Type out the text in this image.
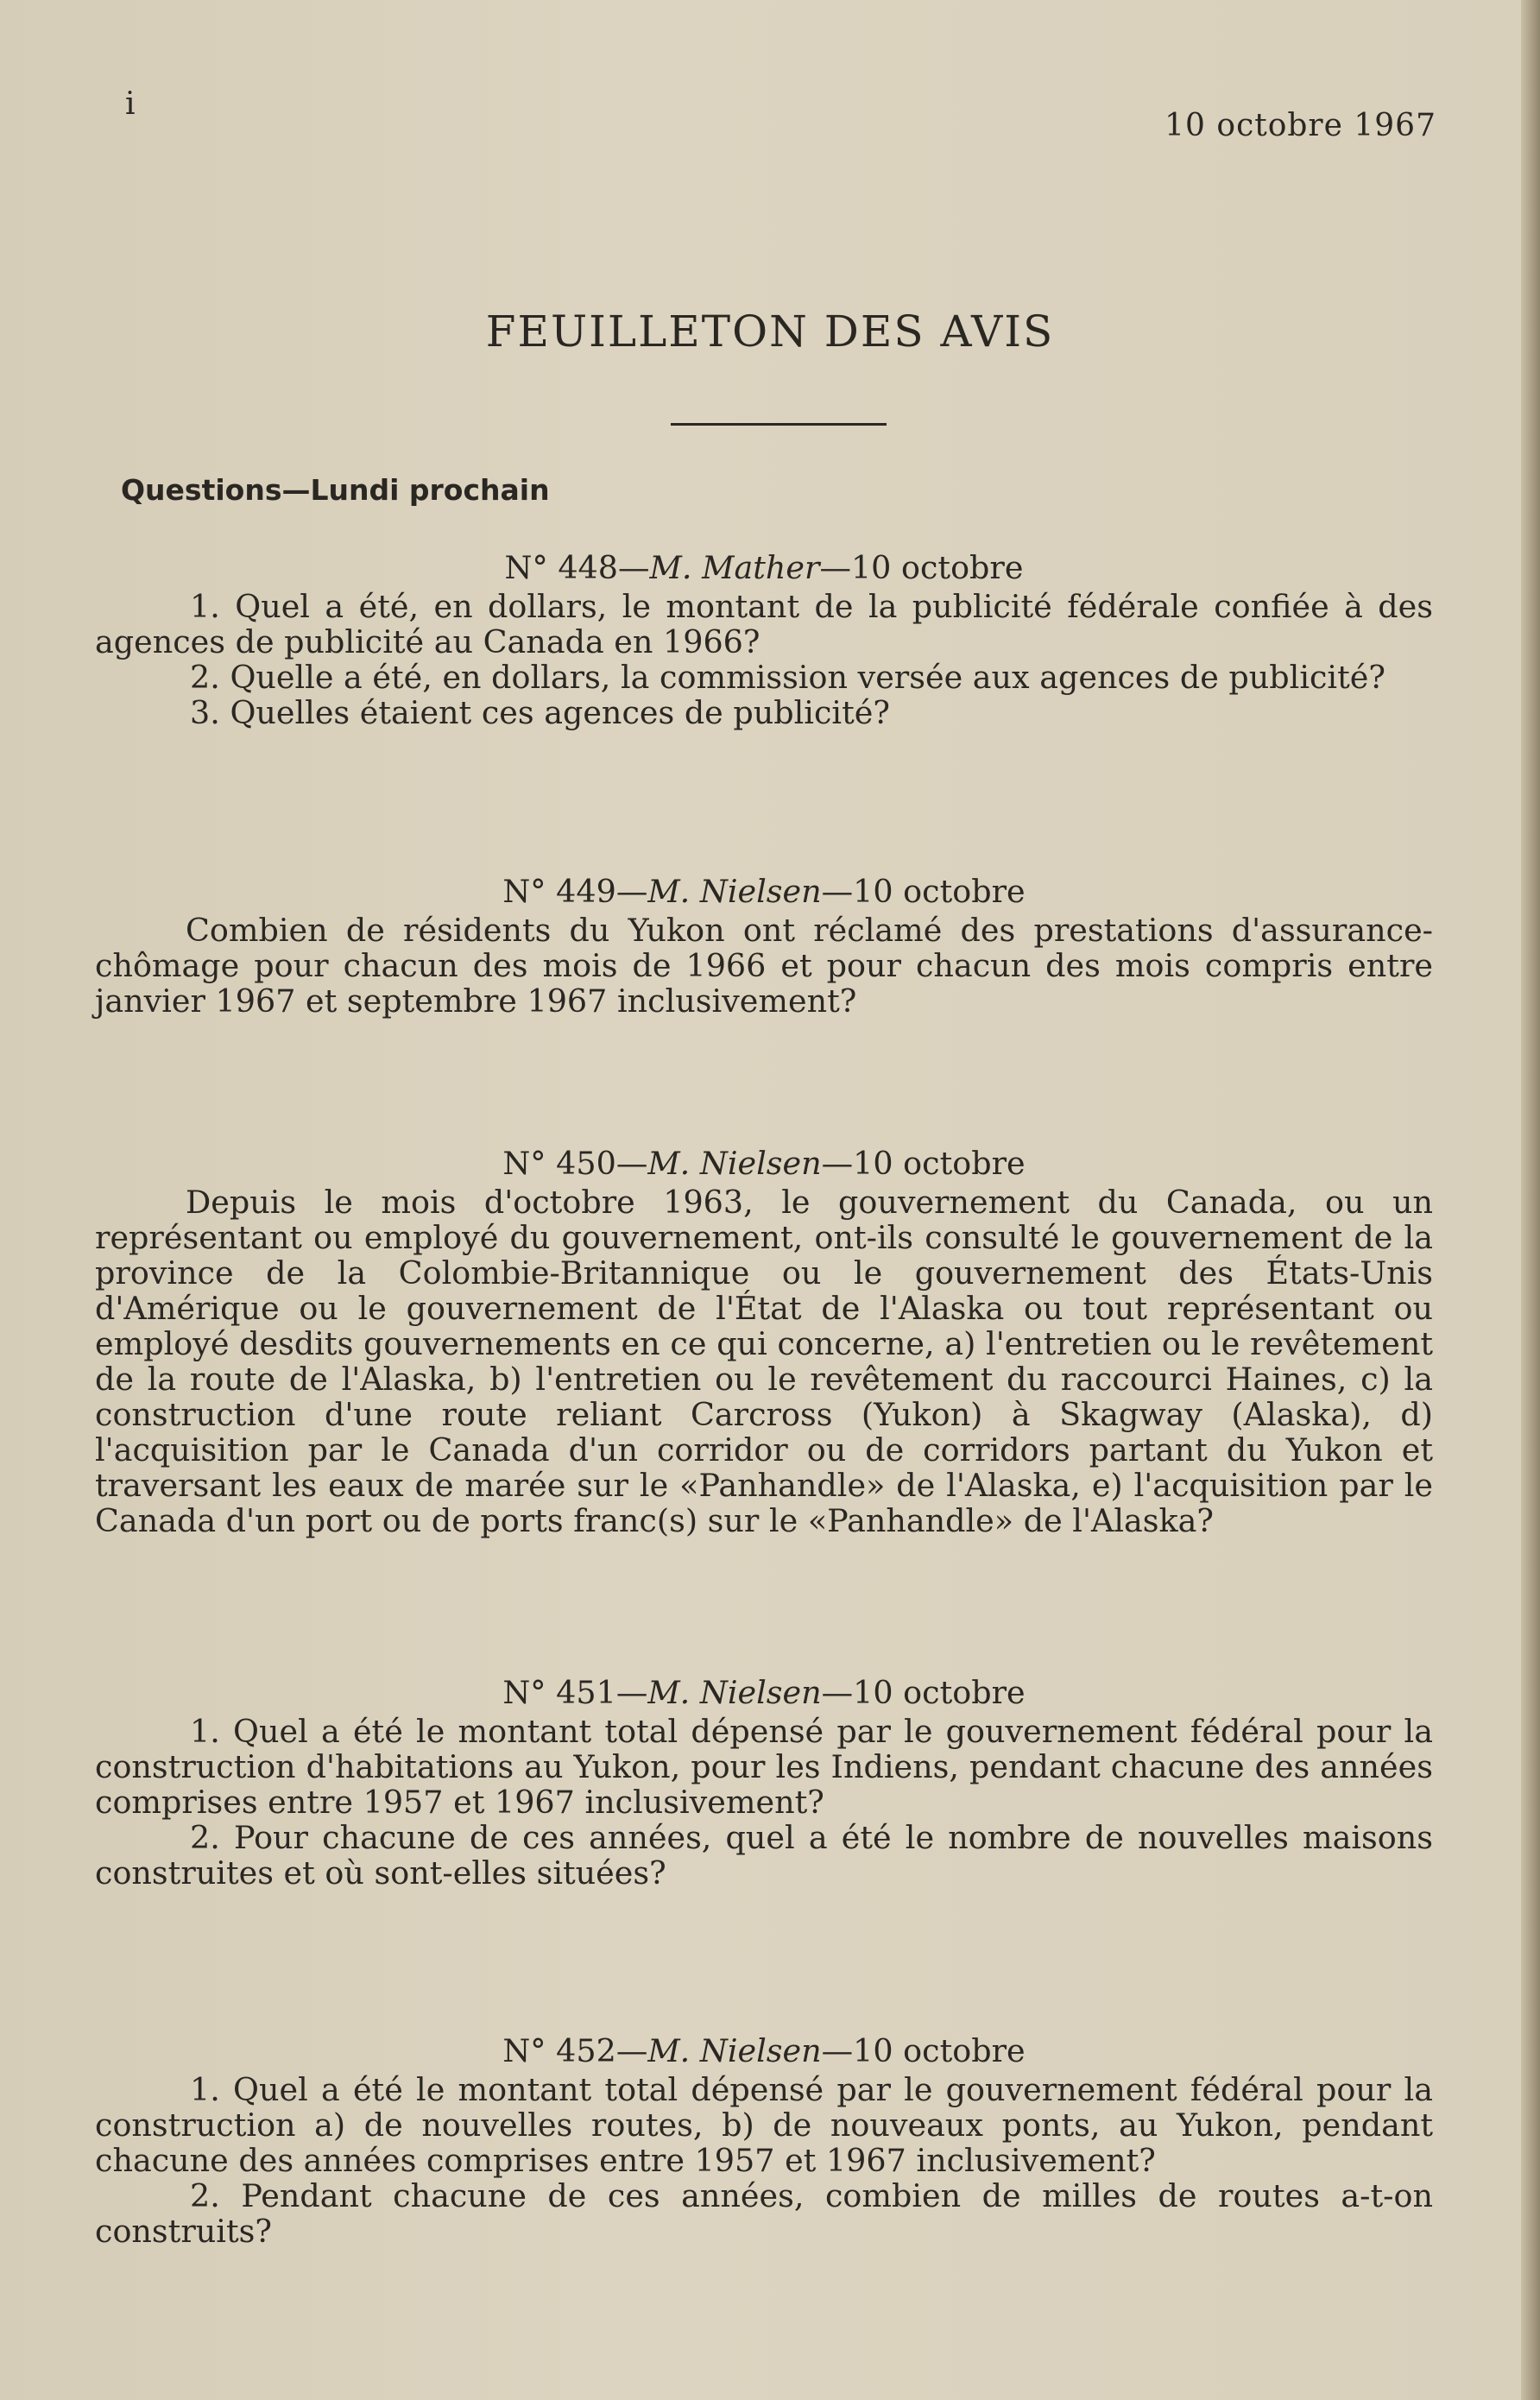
i
10 octobre 1967
FEUILLETON DES AVIS
Questions—Lundi prochain
N° 448—M. Mather—10 octobre

1. Quel a été, en dollars, le montant de la publicité fédérale confiée à des agences de publicité au Canada en 1966?

2. Quelle a été, en dollars, la commission versée aux agences de publicité?

3. Quelles étaient ces agences de publicité?

N° 449—M. Nielsen—10 octobre

Combien de résidents du Yukon ont réclamé des prestations d'assurance-chômage pour chacun des mois de 1966 et pour chacun des mois compris entre janvier 1967 et septembre 1967 inclusivement?

N° 450—M. Nielsen—10 octobre

Depuis le mois d'octobre 1963, le gouvernement du Canada, ou un représentant ou employé du gouvernement, ont-ils consulté le gouvernement de la province de la Colombie-Britannique ou le gouvernement des États-Unis d'Amérique ou le gouvernement de l'État de l'Alaska ou tout représentant ou employé desdits gouvernements en ce qui concerne, a) l'entretien ou le revêtement de la route de l'Alaska, b) l'entretien ou le revêtement du raccourci Haines, c) la construction d'une route reliant Carcross (Yukon) à Skagway (Alaska), d) l'acquisition par le Canada d'un corridor ou de corridors partant du Yukon et traversant les eaux de marée sur le «Panhandle» de l'Alaska, e) l'acquisition par le Canada d'un port ou de ports franc(s) sur le «Panhandle» de l'Alaska?

N° 451—M. Nielsen—10 octobre

1. Quel a été le montant total dépensé par le gouvernement fédéral pour la construction d'habitations au Yukon, pour les Indiens, pendant chacune des années comprises entre 1957 et 1967 inclusivement?

2. Pour chacune de ces années, quel a été le nombre de nouvelles maisons construites et où sont-elles situées?

N° 452—M. Nielsen—10 octobre

1. Quel a été le montant total dépensé par le gouvernement fédéral pour la construction a) de nouvelles routes, b) de nouveaux ponts, au Yukon, pendant chacune des années comprises entre 1957 et 1967 inclusivement?

2. Pendant chacune de ces années, combien de milles de routes a-t-on construits?
